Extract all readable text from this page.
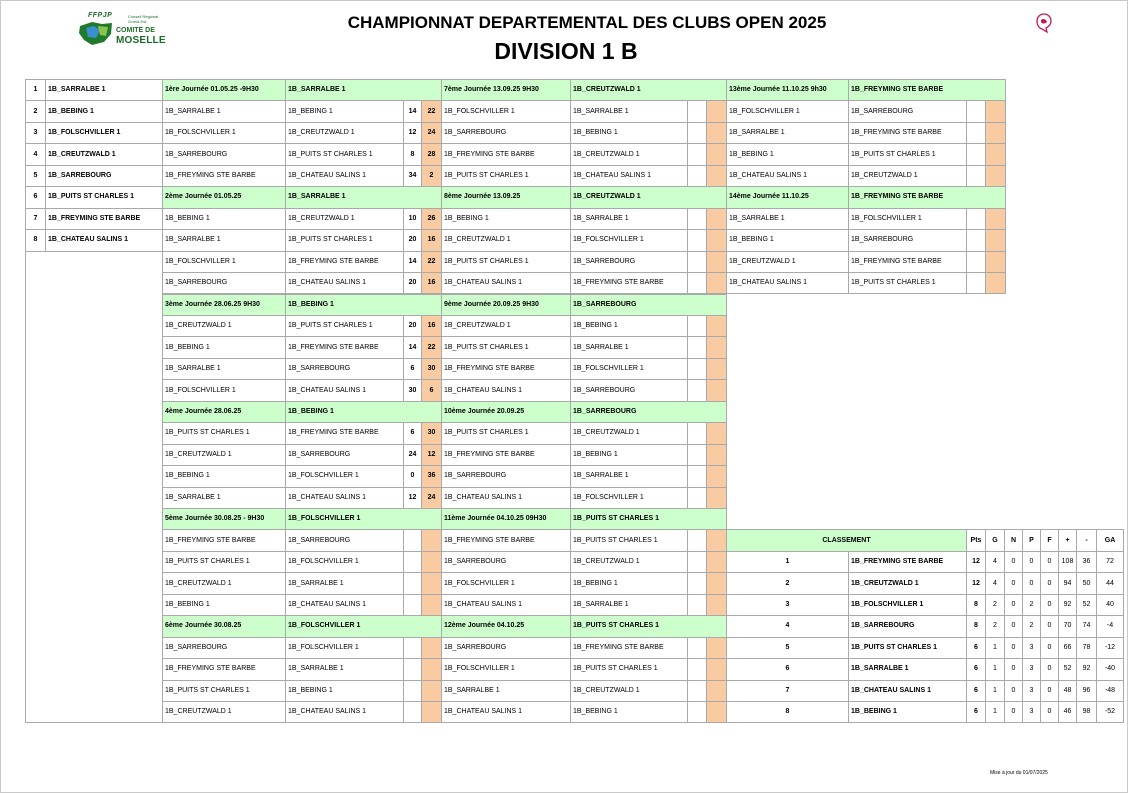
FFPJP	Conseil Régional Grand-Est
COMITE DE
MOSELLE
CHAMPIONNAT DEPARTEMENTAL DES CLUBS OPEN 2025
DIVISION 1 B
1	1B_SARRALBE 1
2	1B_BEBING 1
3	1B_FOLSCHVILLER 1
4	1B_CREUTZWALD 1
5	1B_SARREBOURG
6	1B_PUITS ST CHARLES 1
7	1B_FREYMING STE BARBE
8	1B_CHATEAU SALINS 1
1ère Journée 01.05.25 -9H30	1B_SARRALBE 1
1B_SARRALBE 1	1B_BEBING 1	14	22
1B_FOLSCHVILLER 1	1B_CREUTZWALD 1	12	24
1B_SARREBOURG	1B_PUITS ST CHARLES 1	8	28
1B_FREYMING STE BARBE	1B_CHATEAU SALINS 1	34	2
2ème Journée 01.05.25	1B_SARRALBE 1
1B_BEBING 1	1B_CREUTZWALD 1	10	26
1B_SARRALBE 1	1B_PUITS ST CHARLES 1	20	16
1B_FOLSCHVILLER 1	1B_FREYMING STE BARBE	14	22
1B_SARREBOURG	1B_CHATEAU SALINS 1	20	16
3ème Journée 28.06.25 9H30	1B_BEBING 1
1B_CREUTZWALD 1	1B_PUITS ST CHARLES 1	20	16
1B_BEBING 1	1B_FREYMING STE BARBE	14	22
1B_SARRALBE 1	1B_SARREBOURG	6	30
1B_FOLSCHVILLER 1	1B_CHATEAU SALINS 1	30	6
4ème Journée 28.06.25	1B_BEBING 1
1B_PUITS ST CHARLES 1	1B_FREYMING STE BARBE	6	30
1B_CREUTZWALD 1	1B_SARREBOURG	24	12
1B_BEBING 1	1B_FOLSCHVILLER 1	0	36
1B_SARRALBE 1	1B_CHATEAU SALINS 1	12	24
5ème Journée 30.08.25 - 9H30	1B_FOLSCHVILLER 1
1B_FREYMING STE BARBE	1B_SARREBOURG
1B_PUITS ST CHARLES 1	1B_FOLSCHVILLER 1
1B_CREUTZWALD 1	1B_SARRALBE 1
1B_BEBING 1	1B_CHATEAU SALINS 1
6ème Journée 30.08.25	1B_FOLSCHVILLER 1
1B_SARREBOURG	1B_FOLSCHVILLER 1
1B_FREYMING STE BARBE	1B_SARRALBE 1
1B_PUITS ST CHARLES 1	1B_BEBING 1
1B_CREUTZWALD 1	1B_CHATEAU SALINS 1
7ème Journée 13.09.25 9H30	1B_CREUTZWALD 1
1B_FOLSCHVILLER 1	1B_SARRALBE 1
1B_SARREBOURG	1B_BEBING 1
1B_FREYMING STE BARBE	1B_CREUTZWALD 1
1B_PUITS ST CHARLES 1	1B_CHATEAU SALINS 1
8ème Journée 13.09.25	1B_CREUTZWALD 1
1B_BEBING 1	1B_SARRALBE 1
1B_CREUTZWALD 1	1B_FOLSCHVILLER 1
1B_PUITS ST CHARLES 1	1B_SARREBOURG
1B_CHATEAU SALINS 1	1B_FREYMING STE BARBE
9ème Journée 20.09.25 9H30	1B_SARREBOURG
1B_CREUTZWALD 1	1B_BEBING 1
1B_PUITS ST CHARLES 1	1B_SARRALBE 1
1B_FREYMING STE BARBE	1B_FOLSCHVILLER 1
1B_CHATEAU SALINS 1	1B_SARREBOURG
10ème Journée 20.09.25	1B_SARREBOURG
1B_PUITS ST CHARLES 1	1B_CREUTZWALD 1
1B_FREYMING STE BARBE	1B_BEBING 1
1B_SARREBOURG	1B_SARRALBE 1
1B_CHATEAU SALINS 1	1B_FOLSCHVILLER 1
11ème Journée 04.10.25 09H30	1B_PUITS ST CHARLES 1
1B_FREYMING STE BARBE	1B_PUITS ST CHARLES 1
1B_SARREBOURG	1B_CREUTZWALD 1
1B_FOLSCHVILLER 1	1B_BEBING 1
1B_CHATEAU SALINS 1	1B_SARRALBE 1
12ème Journée 04.10.25	1B_PUITS ST CHARLES 1
1B_SARREBOURG	1B_FREYMING STE BARBE
1B_FOLSCHVILLER 1	1B_PUITS ST CHARLES 1
1B_SARRALBE 1	1B_CREUTZWALD 1
1B_CHATEAU SALINS 1	1B_BEBING 1
13ème Journée 11.10.25 9h30	1B_FREYMING STE BARBE
1B_FOLSCHVILLER 1	1B_SARREBOURG
1B_SARRALBE 1	1B_FREYMING STE BARBE
1B_BEBING 1	1B_PUITS ST CHARLES 1
1B_CHATEAU SALINS 1	1B_CREUTZWALD 1
14ème Journée 11.10.25	1B_FREYMING STE BARBE
1B_SARRALBE 1	1B_FOLSCHVILLER 1
1B_BEBING 1	1B_SARREBOURG
1B_CREUTZWALD 1	1B_FREYMING STE BARBE
1B_CHATEAU SALINS 1	1B_PUITS ST CHARLES 1
CLASSEMENT	Pts	G	N	P	F	+	-	GA
1	1B_FREYMING STE BARBE	12	4	0	0	0	108	36	72
2	1B_CREUTZWALD 1	12	4	0	0	0	94	50	44
3	1B_FOLSCHVILLER 1	8	2	0	2	0	92	52	40
4	1B_SARREBOURG	8	2	0	2	0	70	74	-4
5	1B_PUITS ST CHARLES 1	6	1	0	3	0	66	78	-12
6	1B_SARRALBE 1	6	1	0	3	0	52	92	-40
7	1B_CHATEAU SALINS 1	6	1	0	3	0	48	96	-48
8	1B_BEBING 1	6	1	0	3	0	46	98	-52
Mise à jour du 01/07/2025
